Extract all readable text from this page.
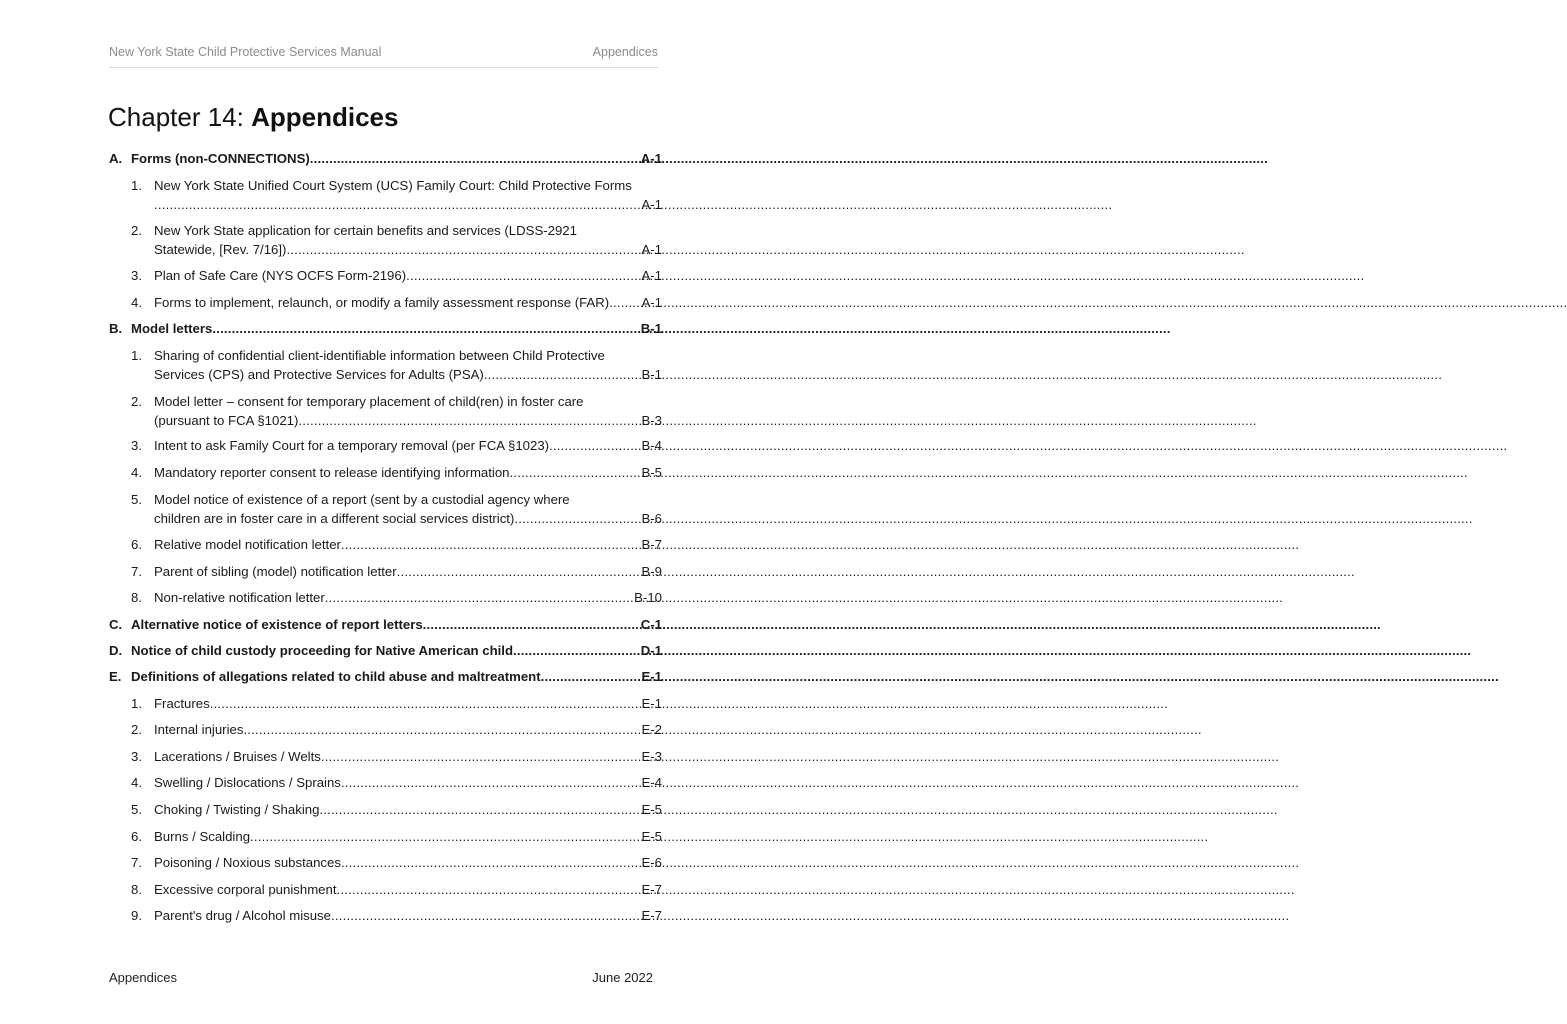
New York State Child Protective Services Manual	Appendices
Chapter 14: Appendices
A. Forms (non-CONNECTIONS) .....	A-1
1. New York State Unified Court System (UCS) Family Court: Child Protective Forms
.....
A-1
2. New York State application for certain benefits and services (LDSS-2921
Statewide, [Rev. 7/16]) .....	A-1
3. Plan of Safe Care (NYS OCFS Form-2196) .....	A-1
4. Forms to implement, relaunch, or modify a family assessment response (FAR) ..... A-1
B. Model letters .....	B-1
1. Sharing of confidential client-identifiable information between Child Protective
Services (CPS) and Protective Services for Adults (PSA) .....	B-1
2. Model letter – consent for temporary placement of child(ren) in foster care
(pursuant to FCA §1021) .....	B-3
3. Intent to ask Family Court for a temporary removal (per FCA §1023) .....	B-4
4. Mandatory reporter consent to release identifying information .....	B-5
5. Model notice of existence of a report (sent by a custodial agency where
children are in foster care in a different social services district) .....	B-6
6. Relative model notification letter .....	B-7
7. Parent of sibling (model) notification letter .....	B-9
8. Non-relative notification letter .....	B-10
C. Alternative notice of existence of report letters .....	C-1
D. Notice of child custody proceeding for Native American child .....	D-1
E. Definitions of allegations related to child abuse and maltreatment .....	E-1
1. Fractures .....	E-1
2. Internal injuries .....	E-2
3. Lacerations / Bruises / Welts .....	E-3
4. Swelling / Dislocations / Sprains .....	E-4
5. Choking / Twisting / Shaking .....	E-5
6. Burns / Scalding .....	E-5
7. Poisoning / Noxious substances .....	E-6
8. Excessive corporal punishment .....	E-7
9. Parent's drug / Alcohol misuse .....	E-7
Appendices	June 2022
